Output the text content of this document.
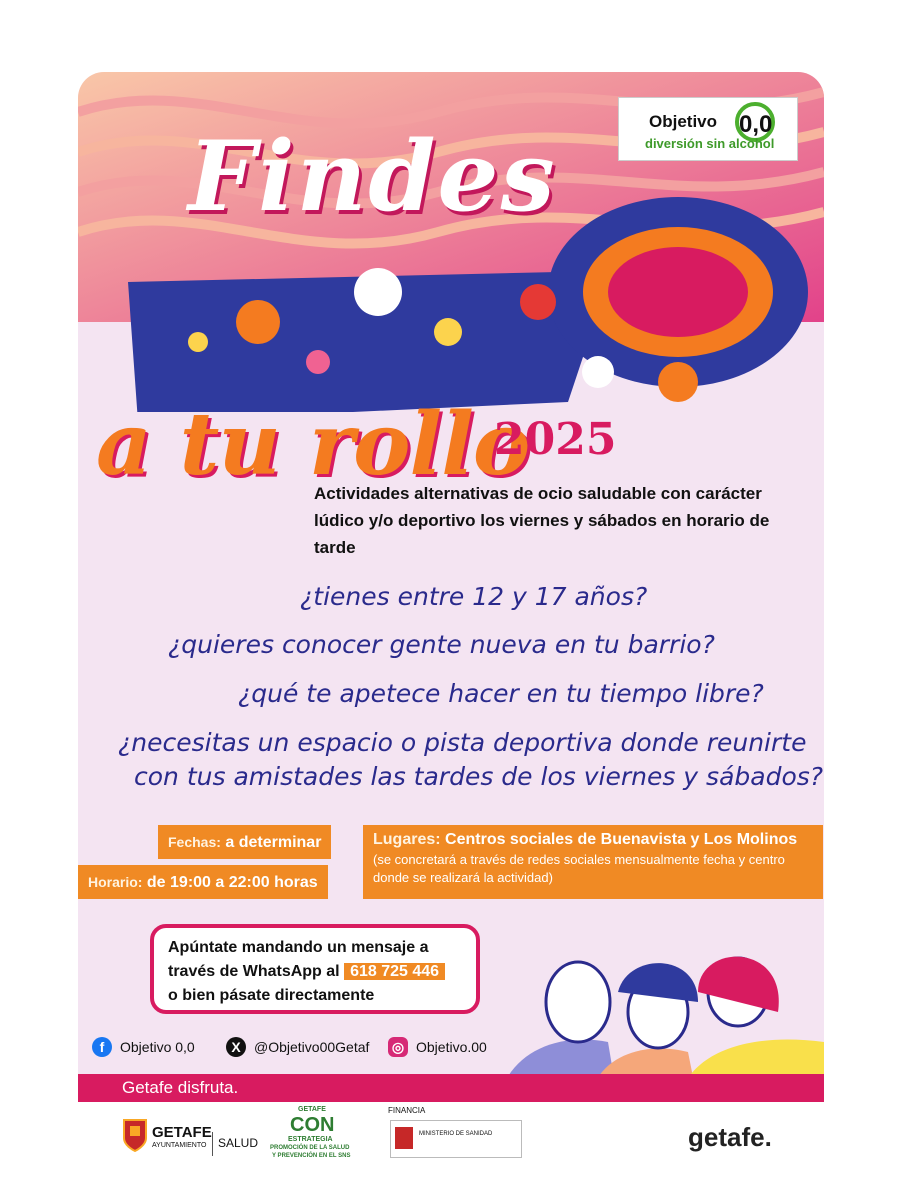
Objetivo 0,0
diversión sin alcohol
Findes
a tu rollo
2025
Actividades alternativas de ocio saludable con carácter lúdico y/o deportivo los viernes y sábados en horario de tarde
¿tienes entre 12 y 17 años?
¿quieres conocer gente nueva en tu barrio?
¿qué te apetece hacer en tu tiempo libre?
¿necesitas un espacio o pista deportiva donde reunirte
con tus amistades las tardes de los viernes y sábados?
Fechas: a determinar
Horario: de 19:00 a 22:00 horas
Lugares: Centros sociales de Buenavista y Los Molinos
(se concretará a través de redes sociales mensualmente fecha y centro donde se realizará la actividad)
Apúntate mandando un mensaje a
través de WhatsApp al 618 725 446
o bien pásate directamente
f	Objetivo 0,0	X @Objetivo00Getaf ◎ Objetivo.00
Getafe disfruta.
GETAFE
AYUNTAMIENTO SALUD
GETAFE
CON
ESTRATEGIA
PROMOCIÓN DE LA SALUD
Y PREVENCIÓN EN EL SNS
FINANCIA
MINISTERIO DE SANIDAD	getafe.
